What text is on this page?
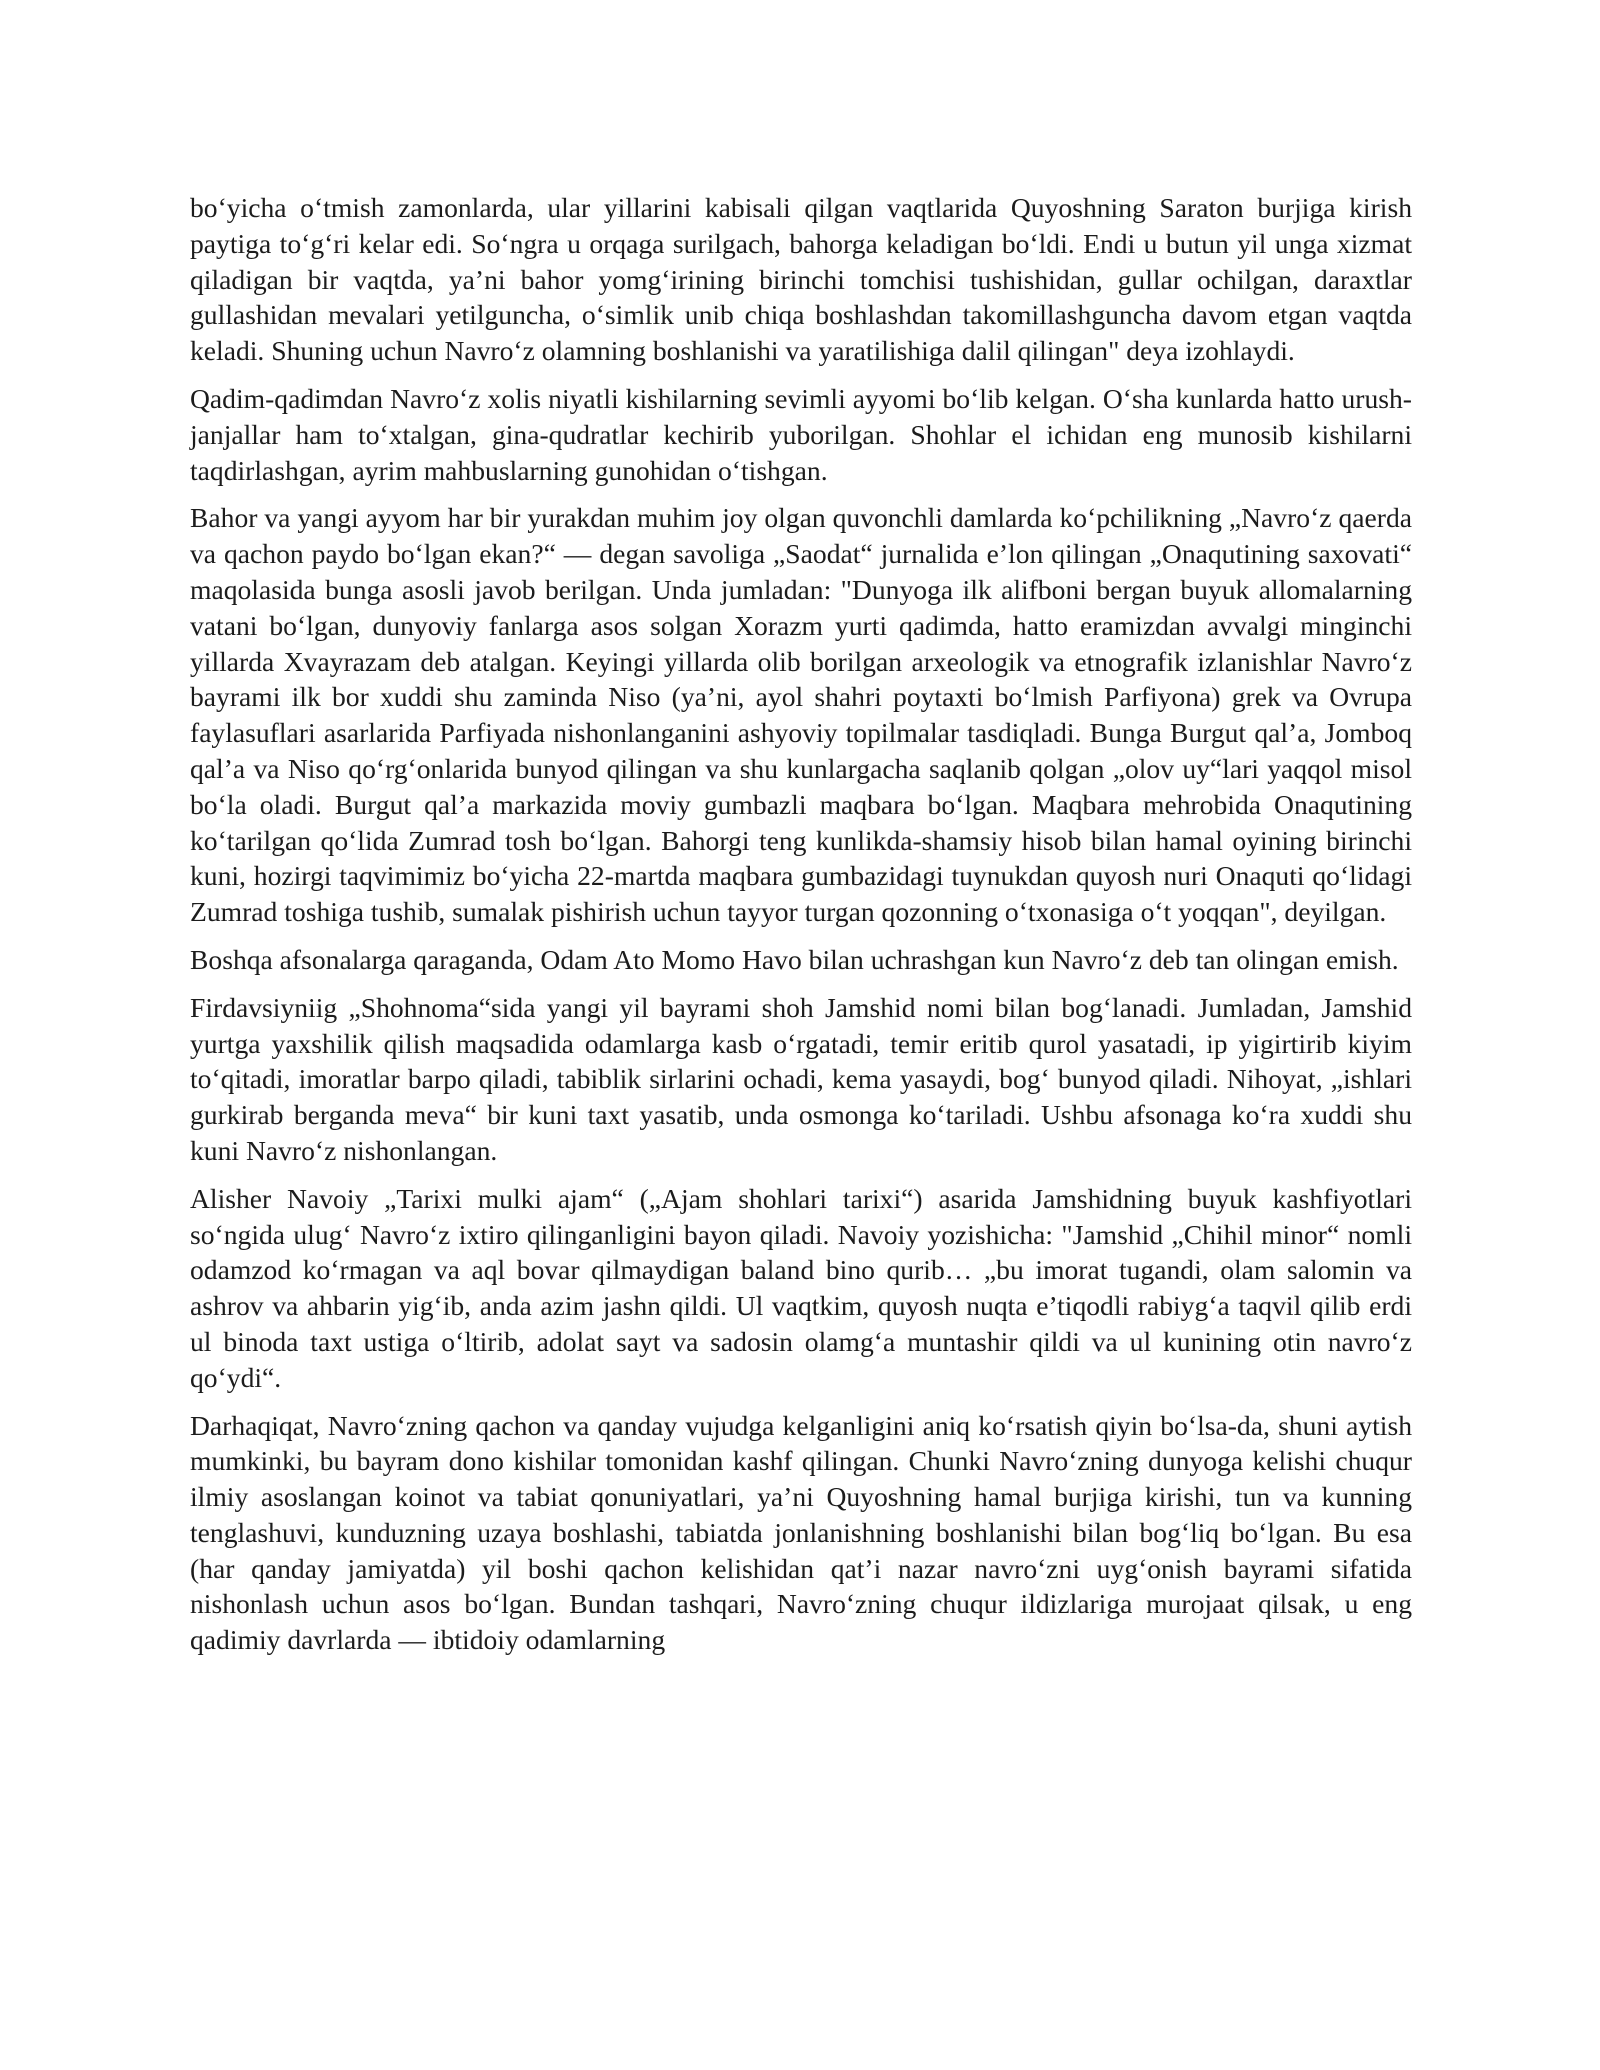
bo‘yicha o‘tmish zamonlarda, ular yillarini kabisali qilgan vaqtlarida Quyoshning Saraton burjiga kirish paytiga to‘g‘ri kelar edi. So‘ngra u orqaga surilgach, bahorga keladigan bo‘ldi. Endi u butun yil unga xizmat qiladigan bir vaqtda, ya’ni bahor yomg‘irining birinchi tomchisi tushishidan, gullar ochilgan, daraxtlar gullashidan mevalari yetilguncha, o‘simlik unib chiqa boshlashdan takomillashguncha davom etgan vaqtda keladi. Shuning uchun Navro‘z olamning boshlanishi va yaratilishiga dalil qilingan" deya izohlaydi.

Qadim-qadimdan Navro‘z xolis niyatli kishilarning sevimli ayyomi bo‘lib kelgan. O‘sha kunlarda hatto urush-janjallar ham to‘xtalgan, gina-qudratlar kechirib yuborilgan. Shohlar el ichidan eng munosib kishilarni taqdirlashgan, ayrim mahbuslarning gunohidan o‘tishgan.

Bahor va yangi ayyom har bir yurakdan muhim joy olgan quvonchli damlarda ko‘pchilikning „Navro‘z qaerda va qachon paydo bo‘lgan ekan?“ — degan savoliga „Saodat“ jurnalida e’lon qilingan „Onaqutining saxovati“ maqolasida bunga asosli javob berilgan. Unda jumladan: "Dunyoga ilk alifboni bergan buyuk allomalarning vatani bo‘lgan, dunyoviy fanlarga asos solgan Xorazm yurti qadimda, hatto eramizdan avvalgi minginchi yillarda Xvayrazam deb atalgan. Keyingi yillarda olib borilgan arxeologik va etnografik izlanishlar Navro‘z bayrami ilk bor xuddi shu zaminda Niso (ya’ni, ayol shahri poytaxti bo‘lmish Parfiyona) grek va Ovrupa faylasuflari asarlarida Parfiyada nishonlanganini ashyoviy topilmalar tasdiqladi. Bunga Burgut qal’a, Jomboq qal’a va Niso qo‘rg‘onlarida bunyod qilingan va shu kunlargacha saqlanib qolgan „olov uy“lari yaqqol misol bo‘la oladi. Burgut qal’a markazida moviy gumbazli maqbara bo‘lgan. Maqbara mehrobida Onaqutining ko‘tarilgan qo‘lida Zumrad tosh bo‘lgan. Bahorgi teng kunlikda-shamsiy hisob bilan hamal oyining birinchi kuni, hozirgi taqvimimiz bo‘yicha 22-martda maqbara gumbazidagi tuynukdan quyosh nuri Onaquti qo‘lidagi Zumrad toshiga tushib, sumalak pishirish uchun tayyor turgan qozonning o‘txonasiga o‘t yoqqan", deyilgan.

Boshqa afsonalarga qaraganda, Odam Ato Momo Havo bilan uchrashgan kun Navro‘z deb tan olingan emish.

Firdavsiyniig „Shohnoma“sida yangi yil bayrami shoh Jamshid nomi bilan bog‘lanadi. Jumladan, Jamshid yurtga yaxshilik qilish maqsadida odamlarga kasb o‘rgatadi, temir eritib qurol yasatadi, ip yigirtirib kiyim to‘qitadi, imoratlar barpo qiladi, tabiblik sirlarini ochadi, kema yasaydi, bog‘ bunyod qiladi. Nihoyat, „ishlari gurkirab berganda meva“ bir kuni taxt yasatib, unda osmonga ko‘tariladi. Ushbu afsonaga ko‘ra xuddi shu kuni Navro‘z nishonlangan.

Alisher Navoiy „Tarixi mulki ajam“ („Ajam shohlari tarixi“) asarida Jamshidning buyuk kashfiyotlari so‘ngida ulug‘ Navro‘z ixtiro qilinganligini bayon qiladi. Navoiy yozishicha: "Jamshid „Chihil minor“ nomli odamzod ko‘rmagan va aql bovar qilmaydigan baland bino qurib… „bu imorat tugandi, olam salomin va ashrov va ahbarin yig‘ib, anda azim jashn qildi. Ul vaqtkim, quyosh nuqta e’tiqodli rabiyg‘a taqvil qilib erdi ul binoda taxt ustiga o‘ltirib, adolat sayt va sadosin olamg‘a muntashir qildi va ul kunining otin navro‘z qo‘ydi“.

Darhaqiqat, Navro‘zning qachon va qanday vujudga kelganligini aniq ko‘rsatish qiyin bo‘lsa-da, shuni aytish mumkinki, bu bayram dono kishilar tomonidan kashf qilingan. Chunki Navro‘zning dunyoga kelishi chuqur ilmiy asoslangan koinot va tabiat qonuniyatlari, ya’ni Quyoshning hamal burjiga kirishi, tun va kunning tenglashuvi, kunduzning uzaya boshlashi, tabiatda jonlanishning boshlanishi bilan bog‘liq bo‘lgan. Bu esa (har qanday jamiyatda) yil boshi qachon kelishidan qat’i nazar navro‘zni uyg‘onish bayrami sifatida nishonlash uchun asos bo‘lgan. Bundan tashqari, Navro‘zning chuqur ildizlariga murojaat qilsak, u eng qadimiy davrlarda — ibtidoiy odamlarning
